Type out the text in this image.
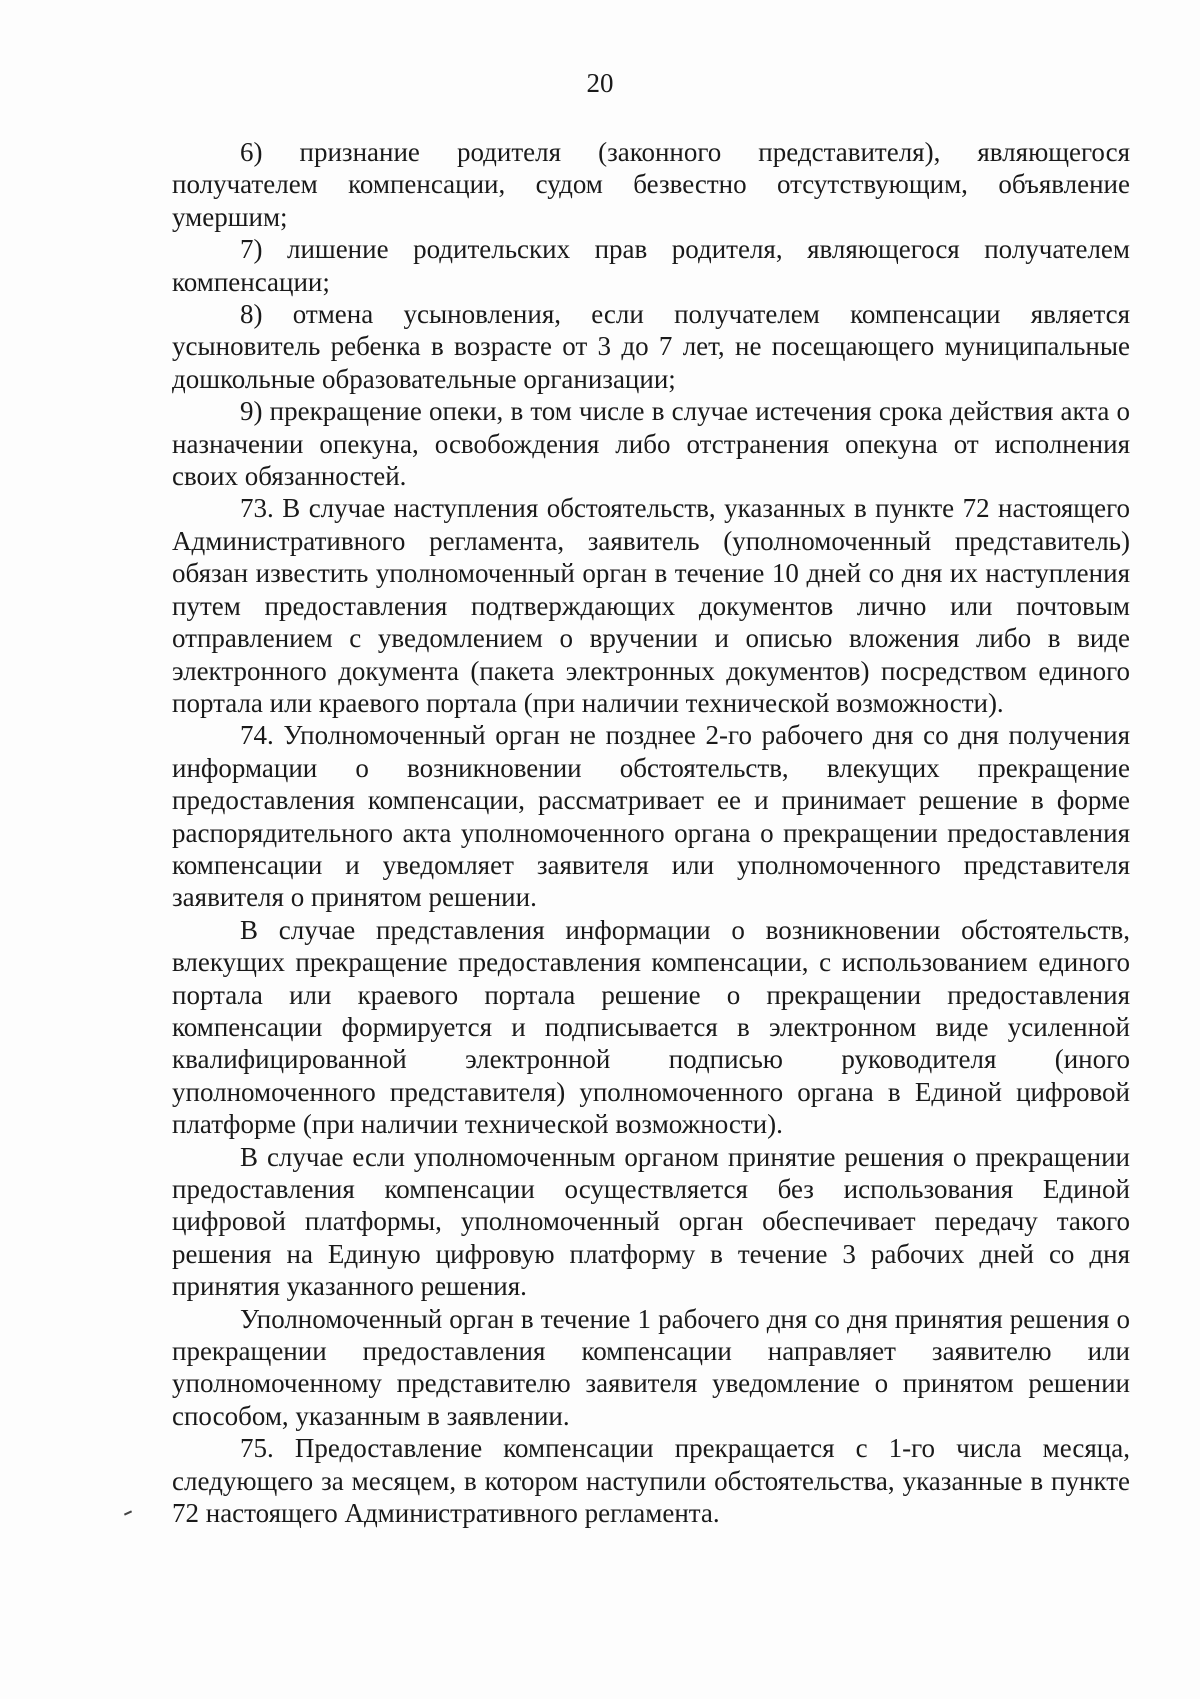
20

6) признание родителя (законного представителя), являющегося получателем компенсации, судом безвестно отсутствующим, объявление умершим;

7) лишение родительских прав родителя, являющегося получателем компенсации;

8) отмена усыновления, если получателем компенсации является усыновитель ребенка в возрасте от 3 до 7 лет, не посещающего муниципальные дошкольные образовательные организации;

9) прекращение опеки, в том числе в случае истечения срока действия акта о назначении опекуна, освобождения либо отстранения опекуна от исполнения своих обязанностей.

73. В случае наступления обстоятельств, указанных в пункте 72 настоящего Административного регламента, заявитель (уполномоченный представитель) обязан известить уполномоченный орган в течение 10 дней со дня их наступления путем предоставления подтверждающих документов лично или почтовым отправлением с уведомлением о вручении и описью вложения либо в виде электронного документа (пакета электронных документов) посредством единого портала или краевого портала (при наличии технической возможности).

74. Уполномоченный орган не позднее 2-го рабочего дня со дня получения информации о возникновении обстоятельств, влекущих прекращение предоставления компенсации, рассматривает ее и принимает решение в форме распорядительного акта уполномоченного органа о прекращении предоставления компенсации и уведомляет заявителя или уполномоченного представителя заявителя о принятом решении.

В случае представления информации о возникновении обстоятельств, влекущих прекращение предоставления компенсации, с использованием единого портала или краевого портала решение о прекращении предоставления компенсации формируется и подписывается в электронном виде усиленной квалифицированной электронной подписью руководителя (иного уполномоченного представителя) уполномоченного органа в Единой цифровой платформе (при наличии технической возможности).

В случае если уполномоченным органом принятие решения о прекращении предоставления компенсации осуществляется без использования Единой цифровой платформы, уполномоченный орган обеспечивает передачу такого решения на Единую цифровую платформу в течение 3 рабочих дней со дня принятия указанного решения.

Уполномоченный орган в течение 1 рабочего дня со дня принятия решения о прекращении предоставления компенсации направляет заявителю или уполномоченному представителю заявителя уведомление о принятом решении способом, указанным в заявлении.

75. Предоставление компенсации прекращается с 1-го числа месяца, следующего за месяцем, в котором наступили обстоятельства, указанные в пункте 72 настоящего Административного регламента.
